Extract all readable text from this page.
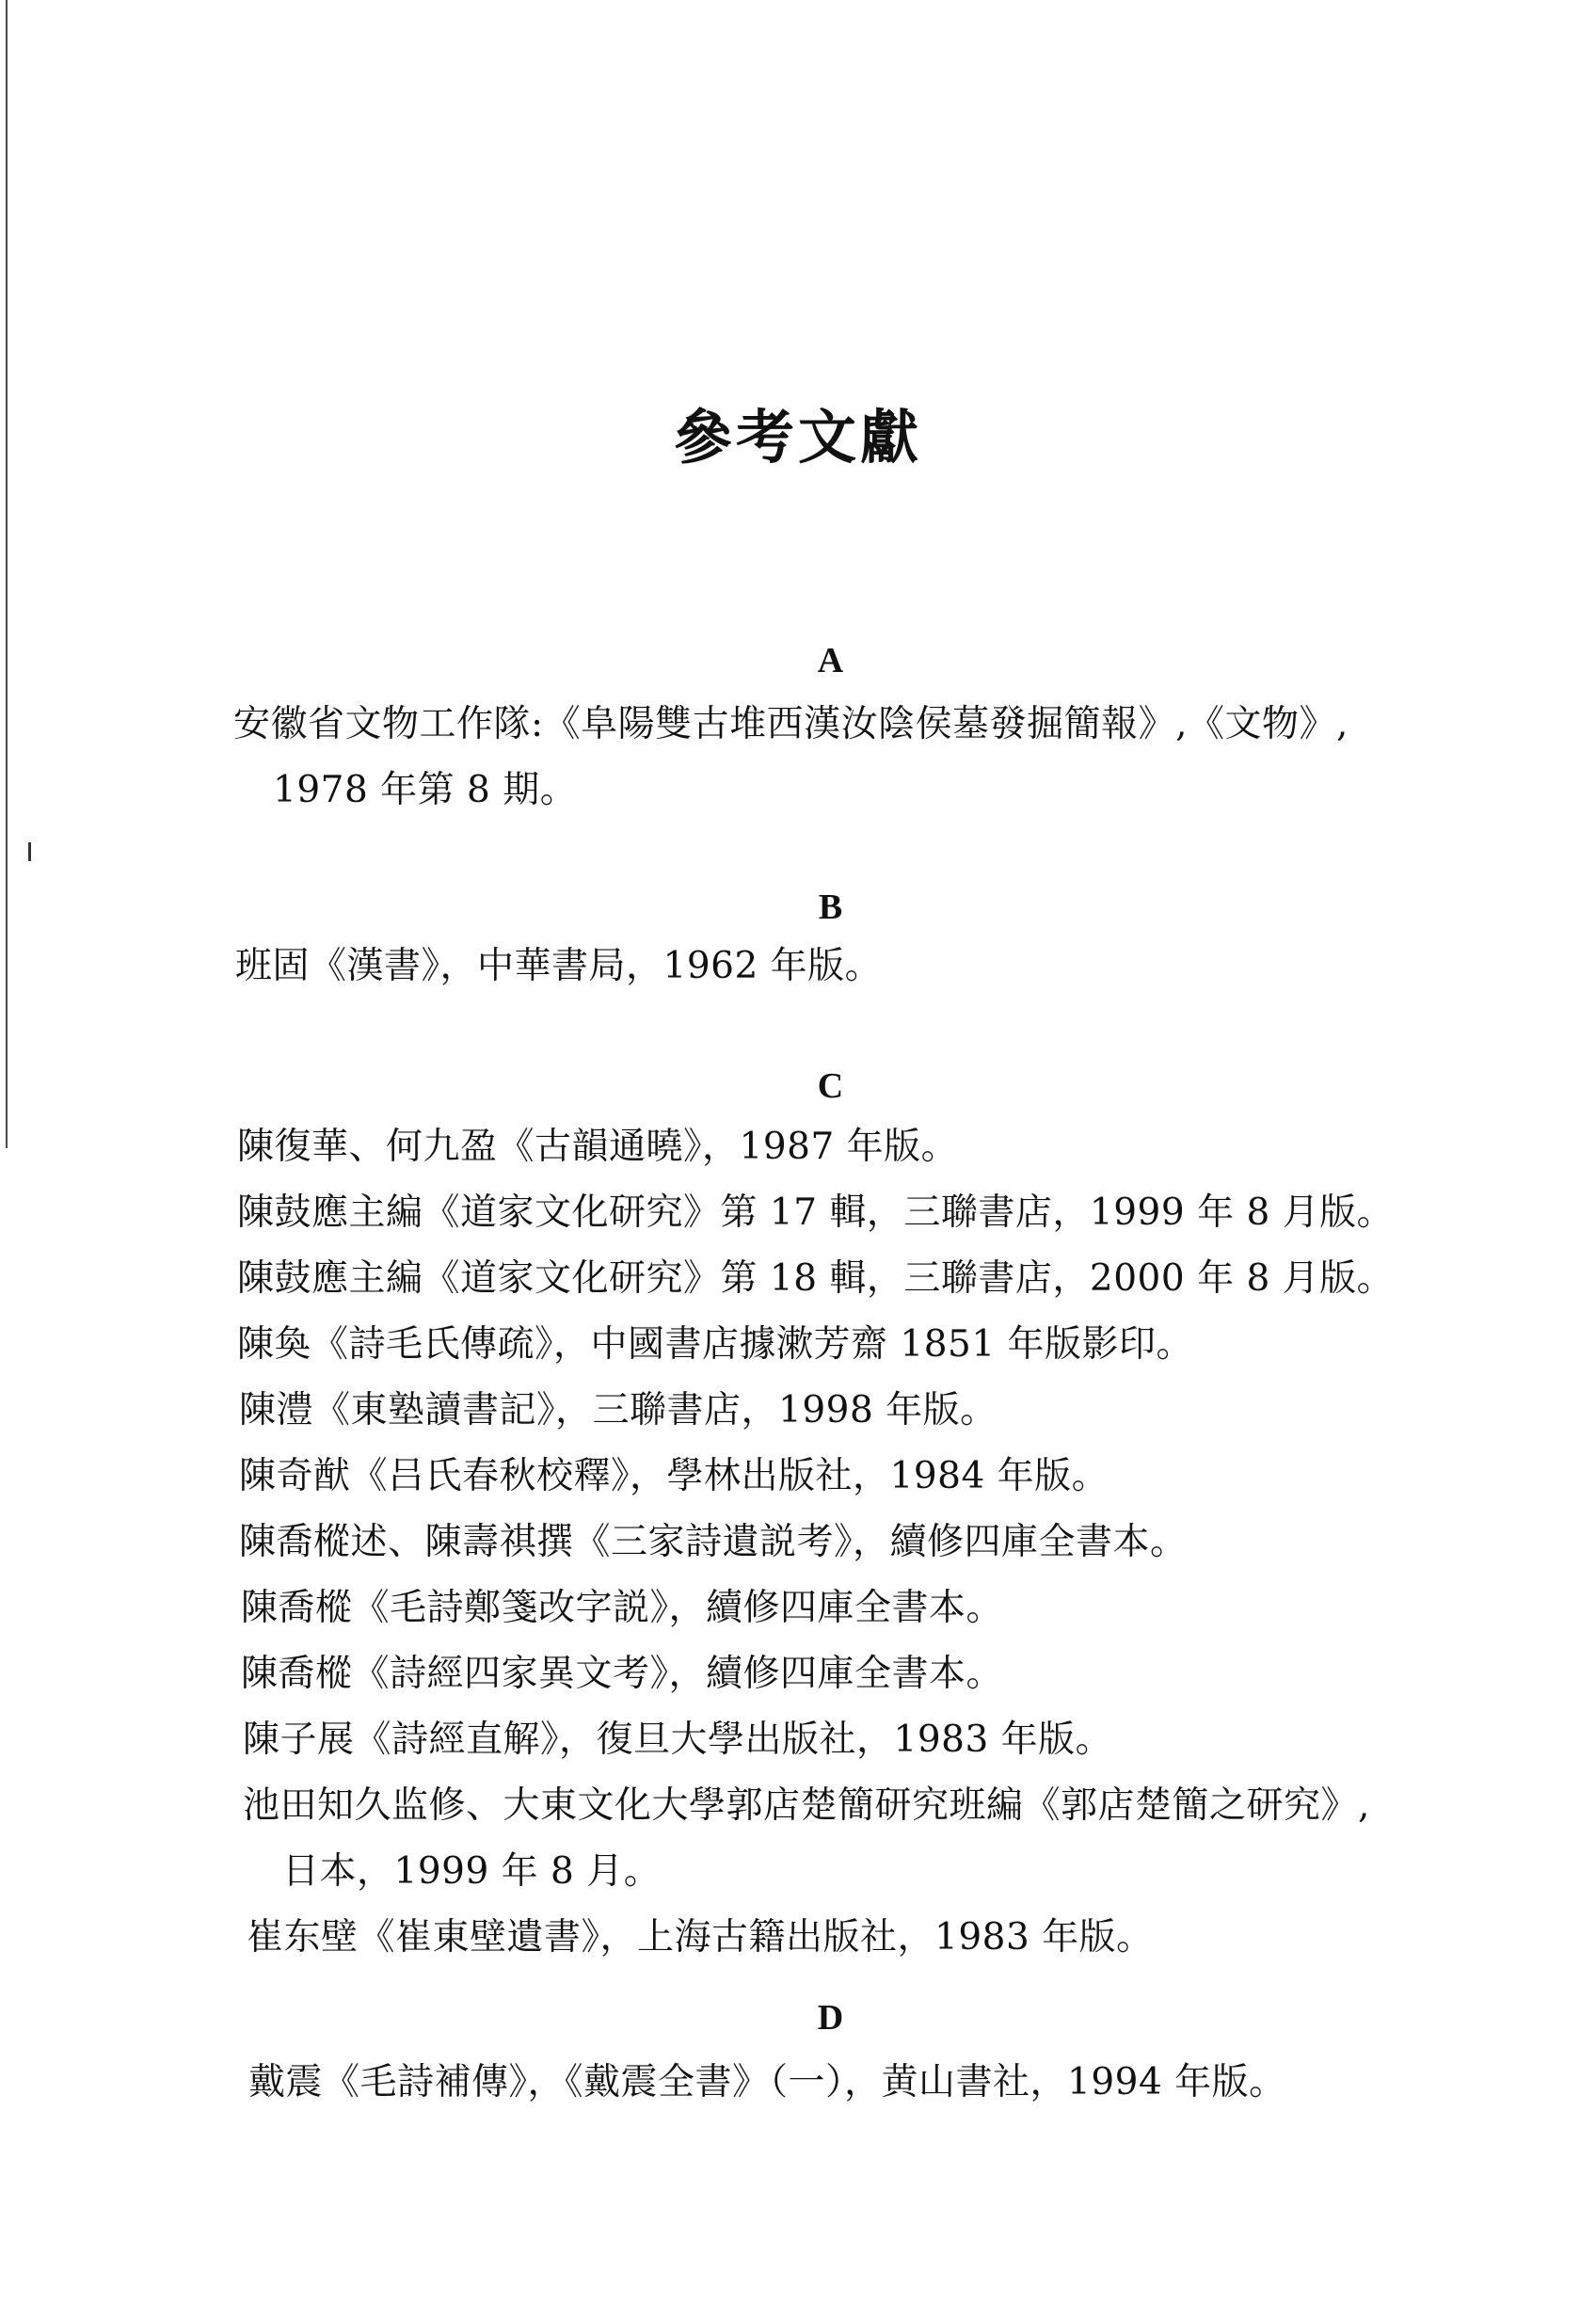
參考文獻
A
安徽省文物工作隊:《阜陽雙古堆西漢汝陰侯墓發掘簡報》,《文物》,
1978 年第 8 期。
B
班固《漢書》，中華書局，1962 年版。
C
陳復華、何九盈《古韻通曉》，1987 年版。
陳鼓應主編《道家文化研究》第 17 輯，三聯書店，1999 年 8 月版。
陳鼓應主編《道家文化研究》第 18 輯，三聯書店，2000 年 8 月版。
陳奐《詩毛氏傳疏》，中國書店據漱芳齋 1851 年版影印。
陳澧《東塾讀書記》，三聯書店，1998 年版。
陳奇猷《吕氏春秋校釋》，學林出版社，1984 年版。
陳喬樅述、陳壽祺撰《三家詩遺説考》，續修四庫全書本。
陳喬樅《毛詩鄭箋改字説》，續修四庫全書本。
陳喬樅《詩經四家異文考》，續修四庫全書本。
陳子展《詩經直解》，復旦大學出版社，1983 年版。
池田知久监修、大東文化大學郭店楚簡研究班編《郭店楚簡之研究》,
日本，1999 年 8 月。
崔东壁《崔東壁遺書》，上海古籍出版社，1983 年版。
D
戴震《毛詩補傳》，《戴震全書》（一），黄山書社，1994 年版。
